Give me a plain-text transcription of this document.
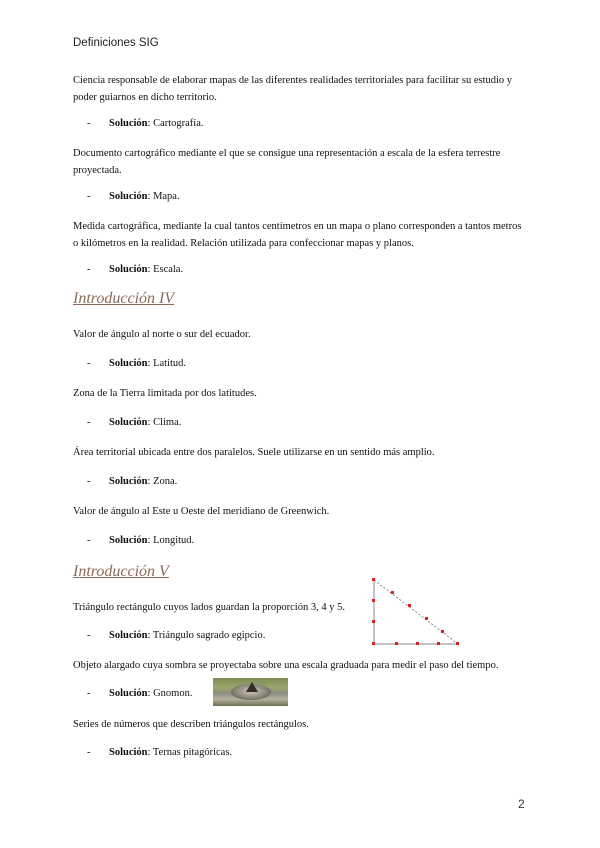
Definiciones SIG

Ciencia responsable de elaborar mapas de las diferentes realidades territoriales para facilitar su estudio y poder guiarnos en dicho territorio.

- Solución: Cartografía.

Documento cartográfico mediante el que se consigue una representación a escala de la esfera terrestre proyectada.

- Solución: Mapa.

Medida cartográfica, mediante la cual tantos centímetros en un mapa o plano corresponden a tantos metros o kilómetros en la realidad. Relación utilizada para confeccionar mapas y planos.

- Solución: Escala.
Introducción IV

Valor de ángulo al norte o sur del ecuador.

- Solución: Latitud.

Zona de la Tierra limitada por dos latitudes.

- Solución: Clima.

Área territorial ubicada entre dos paralelos. Suele utilizarse en un sentido más amplio.

- Solución: Zona.

Valor de ángulo al Este u Oeste del meridiano de Greenwich.

- Solución: Longitud.
Introducción V

Triángulo rectángulo cuyos lados guardan la proporción 3, 4 y 5.

- Solución: Triángulo sagrado egipcio.

Objeto alargado cuya sombra se proyectaba sobre una escala graduada para medir el paso del tiempo.

- Solución: Gnomon.

Series de números que describen triángulos rectángulos.

- Solución: Ternas pitagóricas.
2
